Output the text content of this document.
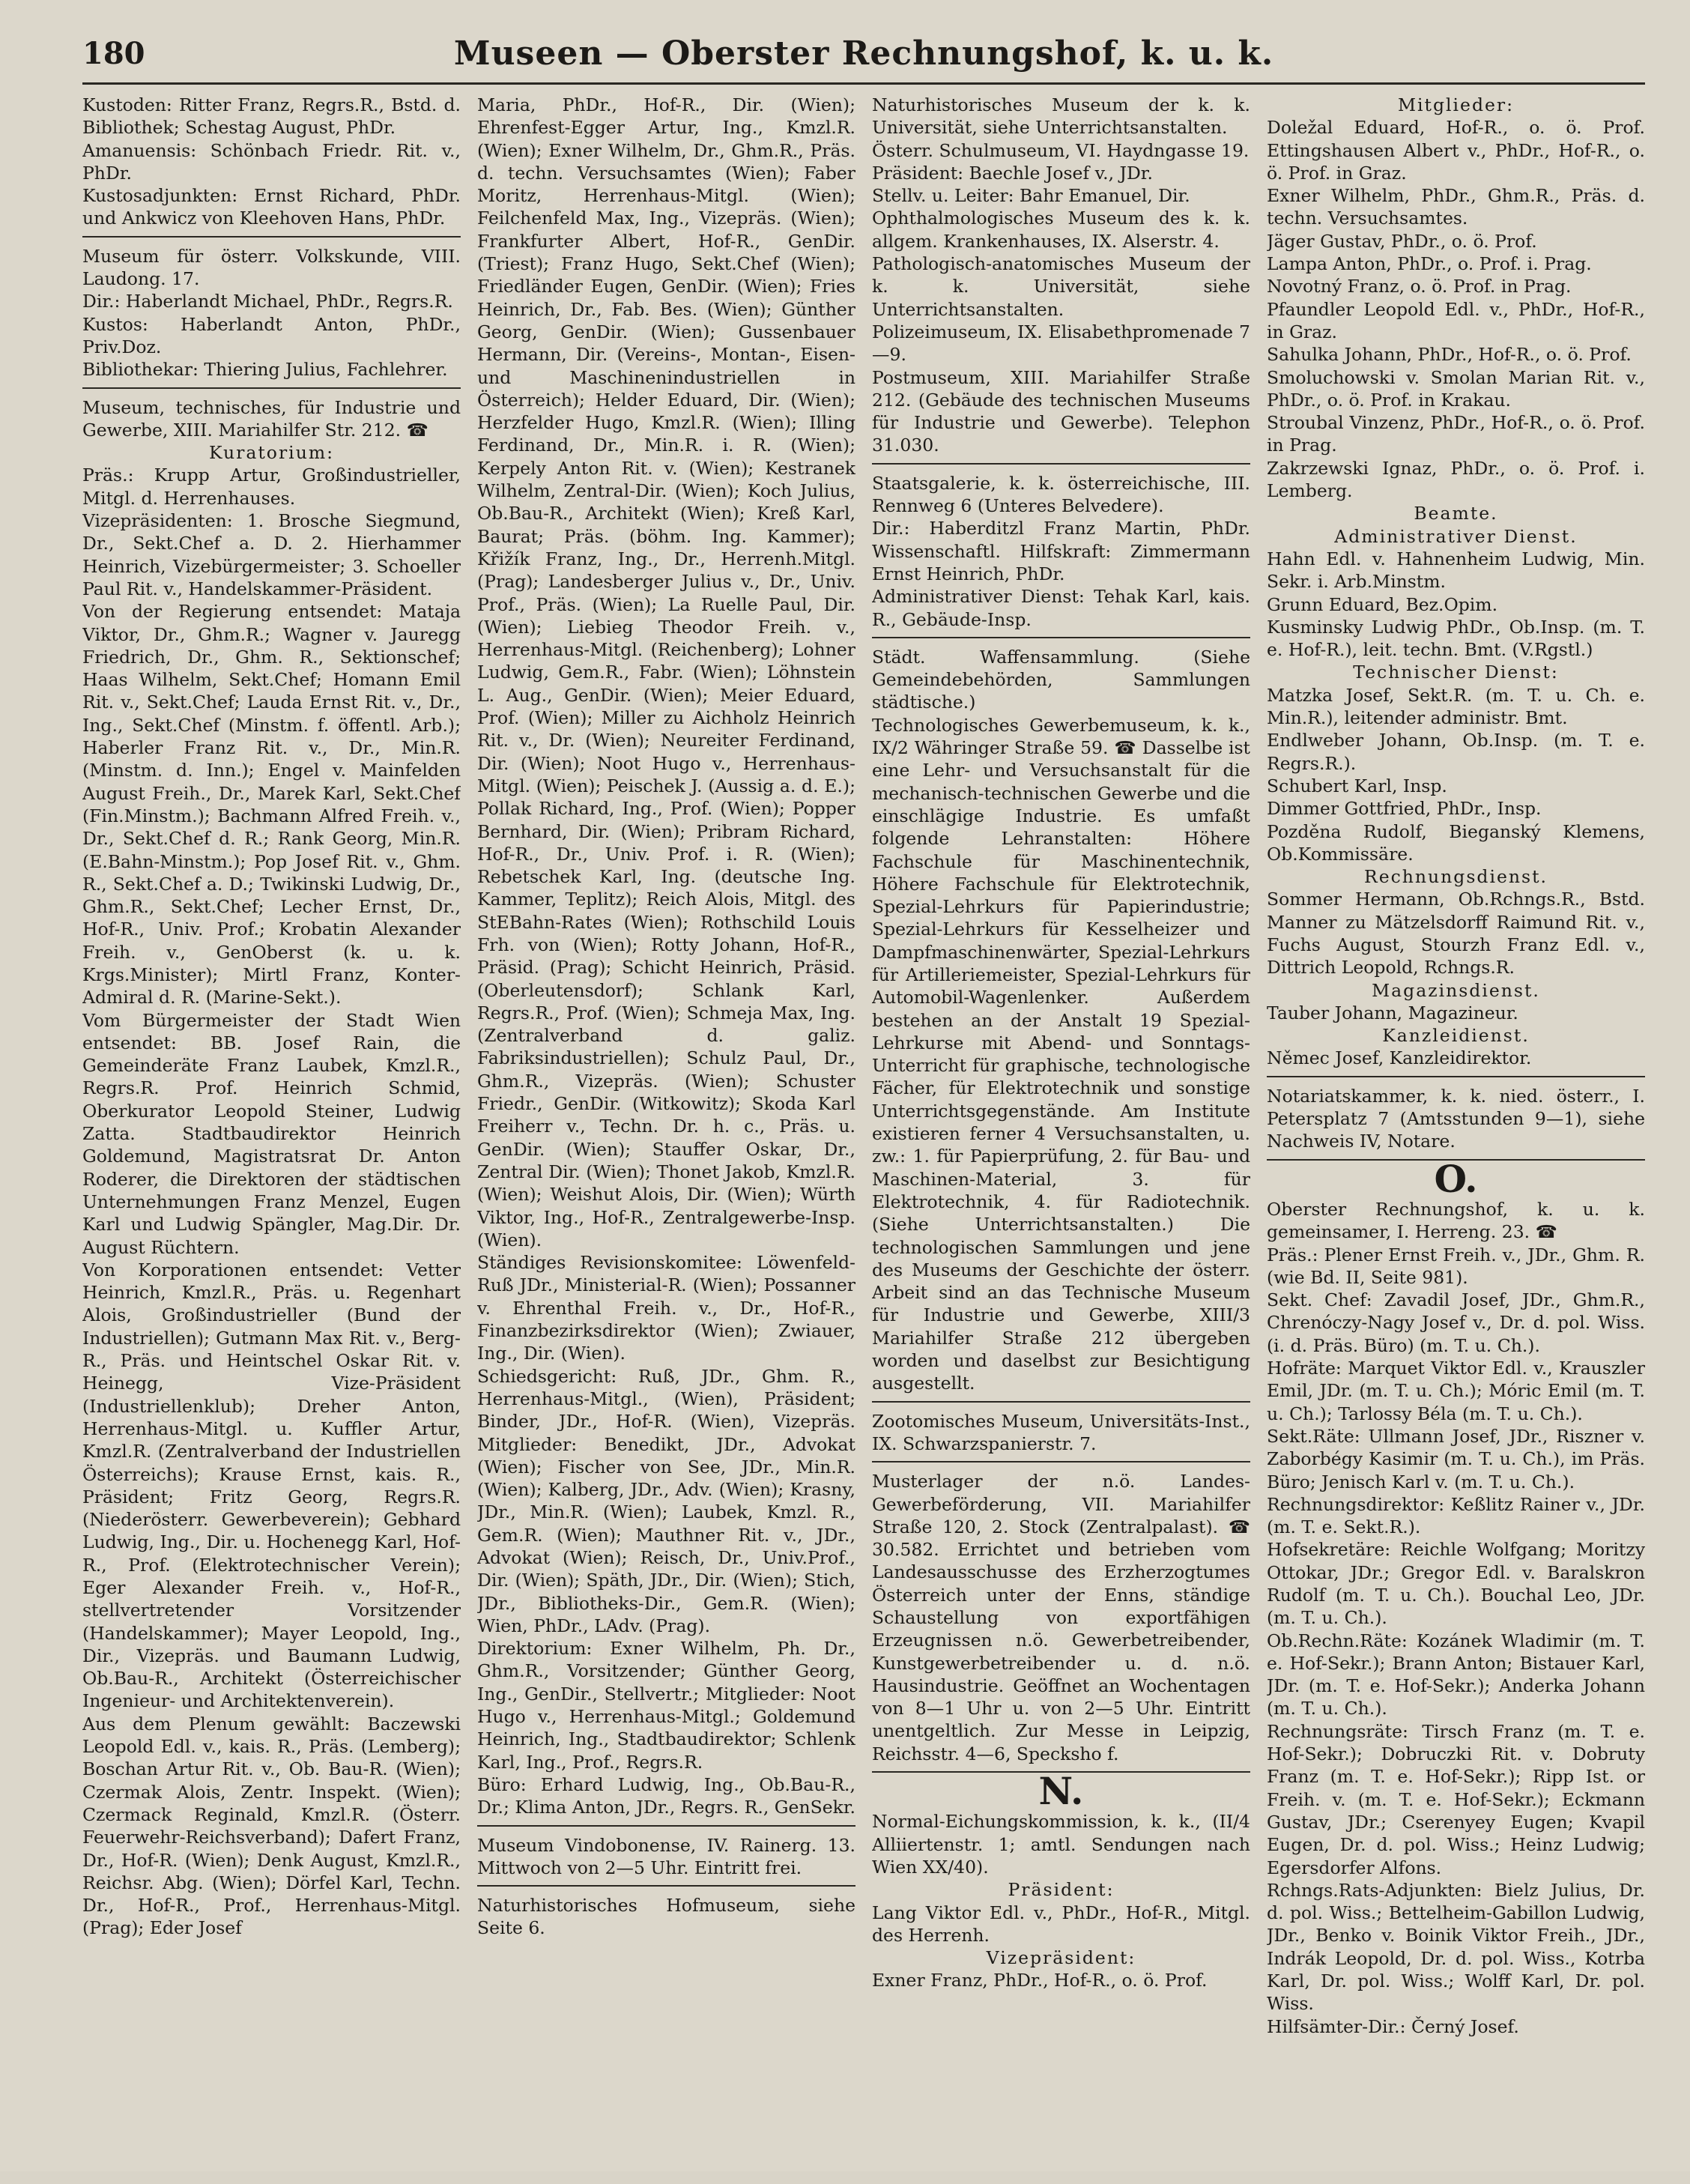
180	Museen — Oberster Rechnungshof, k. u. k.

Kustoden: Ritter Franz, Regrs.R., Bstd. d. Bibliothek; Schestag August, PhDr.

Amanuensis: Schönbach Friedr. Rit. v., PhDr.

Kustosadjunkten: Ernst Richard, PhDr. und Ankwicz von Kleehoven Hans, PhDr.

Museum für österr. Volkskunde, VIII. Laudong. 17.

Dir.: Haberlandt Michael, PhDr., Regrs.R.

Kustos: Haberlandt Anton, PhDr., Priv.Doz.

Bibliothekar: Thiering Julius, Fachlehrer.

Museum, technisches, für Industrie und Gewerbe, XIII. Mariahilfer Str. 212. ☎

Kuratorium:

Präs.: Krupp Artur, Großindustrieller, Mitgl. d. Herrenhauses.

Vizepräsidenten: 1. Brosche Siegmund, Dr., Sekt.Chef a. D. 2. Hierhammer Heinrich, Vizebürgermeister; 3. Schoeller Paul Rit. v., Handelskammer-Präsident.

Von der Regierung entsendet: Mataja Viktor, Dr., Ghm.R.; Wagner v. Jauregg Friedrich, Dr., Ghm. R., Sektionschef; Haas Wilhelm, Sekt.Chef; Homann Emil Rit. v., Sekt.Chef; Lauda Ernst Rit. v., Dr., Ing., Sekt.Chef (Minstm. f. öffentl. Arb.); Haberler Franz Rit. v., Dr., Min.R. (Minstm. d. Inn.); Engel v. Mainfelden August Freih., Dr., Marek Karl, Sekt.Chef (Fin.Minstm.); Bachmann Alfred Freih. v., Dr., Sekt.Chef d. R.; Rank Georg, Min.R. (E.Bahn-Minstm.); Pop Josef Rit. v., Ghm. R., Sekt.Chef a. D.; Twikinski Ludwig, Dr., Ghm.R., Sekt.Chef; Lecher Ernst, Dr., Hof-R., Univ. Prof.; Krobatin Alexander Freih. v., GenOberst (k. u. k. Krgs.Minister); Mirtl Franz, Konter-Admiral d. R. (Marine-Sekt.).

Vom Bürgermeister der Stadt Wien entsendet: BB. Josef Rain, die Gemeinderäte Franz Laubek, Kmzl.R., Regrs.R. Prof. Heinrich Schmid, Oberkurator Leopold Steiner, Ludwig Zatta. Stadtbaudirektor Heinrich Goldemund, Magistratsrat Dr. Anton Roderer, die Direktoren der städtischen Unternehmungen Franz Menzel, Eugen Karl und Ludwig Spängler, Mag.Dir. Dr. August Rüchtern.

Von Korporationen entsendet: Vetter Heinrich, Kmzl.R., Präs. u. Regenhart Alois, Großindustrieller (Bund der Industriellen); Gutmann Max Rit. v., Berg-R., Präs. und Heintschel Oskar Rit. v. Heinegg, Vize-Präsident (Industriellenklub); Dreher Anton, Herrenhaus-Mitgl. u. Kuffler Artur, Kmzl.R. (Zentralverband der Industriellen Österreichs); Krause Ernst, kais. R., Präsident; Fritz Georg, Regrs.R. (Niederösterr. Gewerbeverein); Gebhard Ludwig, Ing., Dir. u. Hochenegg Karl, Hof-R., Prof. (Elektrotechnischer Verein); Eger Alexander Freih. v., Hof-R., stellvertretender Vorsitzender (Handelskammer); Mayer Leopold, Ing., Dir., Vizepräs. und Baumann Ludwig, Ob.Bau-R., Architekt (Österreichischer Ingenieur- und Architektenverein).

Aus dem Plenum gewählt: Baczewski Leopold Edl. v., kais. R., Präs. (Lemberg); Boschan Artur Rit. v., Ob. Bau-R. (Wien); Czermak Alois, Zentr. Inspekt. (Wien); Czermack Reginald, Kmzl.R. (Österr. Feuerwehr-Reichsverband); Dafert Franz, Dr., Hof-R. (Wien); Denk August, Kmzl.R., Reichsr. Abg. (Wien); Dörfel Karl, Techn. Dr., Hof-R., Prof., Herrenhaus-Mitgl. (Prag); Eder Josef

Maria, PhDr., Hof-R., Dir. (Wien); Ehrenfest-Egger Artur, Ing., Kmzl.R. (Wien); Exner Wilhelm, Dr., Ghm.R., Präs. d. techn. Versuchsamtes (Wien); Faber Moritz, Herrenhaus-Mitgl. (Wien); Feilchenfeld Max, Ing., Vizepräs. (Wien); Frankfurter Albert, Hof-R., GenDir. (Triest); Franz Hugo, Sekt.Chef (Wien); Friedländer Eugen, GenDir. (Wien); Fries Heinrich, Dr., Fab. Bes. (Wien); Günther Georg, GenDir. (Wien); Gussenbauer Hermann, Dir. (Vereins-, Montan-, Eisen- und Maschinenindustriellen in Österreich); Helder Eduard, Dir. (Wien); Herzfelder Hugo, Kmzl.R. (Wien); Illing Ferdinand, Dr., Min.R. i. R. (Wien); Kerpely Anton Rit. v. (Wien); Kestranek Wilhelm, Zentral-Dir. (Wien); Koch Julius, Ob.Bau-R., Architekt (Wien); Kreß Karl, Baurat; Präs. (böhm. Ing. Kammer); Křižík Franz, Ing., Dr., Herrenh.Mitgl. (Prag); Landesberger Julius v., Dr., Univ. Prof., Präs. (Wien); La Ruelle Paul, Dir. (Wien); Liebieg Theodor Freih. v., Herrenhaus-Mitgl. (Reichenberg); Lohner Ludwig, Gem.R., Fabr. (Wien); Löhnstein L. Aug., GenDir. (Wien); Meier Eduard, Prof. (Wien); Miller zu Aichholz Heinrich Rit. v., Dr. (Wien); Neureiter Ferdinand, Dir. (Wien); Noot Hugo v., Herrenhaus-Mitgl. (Wien); Peischek J. (Aussig a. d. E.); Pollak Richard, Ing., Prof. (Wien); Popper Bernhard, Dir. (Wien); Pribram Richard, Hof-R., Dr., Univ. Prof. i. R. (Wien); Rebetschek Karl, Ing. (deutsche Ing. Kammer, Teplitz); Reich Alois, Mitgl. des StEBahn-Rates (Wien); Rothschild Louis Frh. von (Wien); Rotty Johann, Hof-R., Präsid. (Prag); Schicht Heinrich, Präsid. (Oberleutensdorf); Schlank Karl, Regrs.R., Prof. (Wien); Schmeja Max, Ing. (Zentralverband d. galiz. Fabriksindustriellen); Schulz Paul, Dr., Ghm.R., Vizepräs. (Wien); Schuster Friedr., GenDir. (Witkowitz); Skoda Karl Freiherr v., Techn. Dr. h. c., Präs. u. GenDir. (Wien); Stauffer Oskar, Dr., Zentral Dir. (Wien); Thonet Jakob, Kmzl.R. (Wien); Weishut Alois, Dir. (Wien); Würth Viktor, Ing., Hof-R., Zentralgewerbe-Insp. (Wien).

Ständiges Revisionskomitee: Löwenfeld-Ruß JDr., Ministerial-R. (Wien); Possanner v. Ehrenthal Freih. v., Dr., Hof-R., Finanzbezirksdirektor (Wien); Zwiauer, Ing., Dir. (Wien).

Schiedsgericht: Ruß, JDr., Ghm. R., Herrenhaus-Mitgl., (Wien), Präsident; Binder, JDr., Hof-R. (Wien), Vizepräs. Mitglieder: Benedikt, JDr., Advokat (Wien); Fischer von See, JDr., Min.R. (Wien); Kalberg, JDr., Adv. (Wien); Krasny, JDr., Min.R. (Wien); Laubek, Kmzl. R., Gem.R. (Wien); Mauthner Rit. v., JDr., Advokat (Wien); Reisch, Dr., Univ.Prof., Dir. (Wien); Späth, JDr., Dir. (Wien); Stich, JDr., Bibliotheks-Dir., Gem.R. (Wien); Wien, PhDr., LAdv. (Prag).

Direktorium: Exner Wilhelm, Ph. Dr., Ghm.R., Vorsitzender; Günther Georg, Ing., GenDir., Stellvertr.; Mitglieder: Noot Hugo v., Herrenhaus-Mitgl.; Goldemund Heinrich, Ing., Stadtbaudirektor; Schlenk Karl, Ing., Prof., Regrs.R.

Büro: Erhard Ludwig, Ing., Ob.Bau-R., Dr.; Klima Anton, JDr., Regrs. R., GenSekr.

Museum Vindobonense, IV. Rainerg. 13. Mittwoch von 2—5 Uhr. Eintritt frei.

Naturhistorisches Hofmuseum, siehe Seite 6.

Naturhistorisches Museum der k. k. Universität, siehe Unterrichtsanstalten.

Österr. Schulmuseum, VI. Haydngasse 19.

Präsident: Baechle Josef v., JDr.

Stellv. u. Leiter: Bahr Emanuel, Dir.

Ophthalmologisches Museum des k. k. allgem. Krankenhauses, IX. Alserstr. 4.

Pathologisch-anatomisches Museum der k. k. Universität, siehe Unterrichtsanstalten.

Polizeimuseum, IX. Elisabethpromenade 7—9.

Postmuseum, XIII. Mariahilfer Straße 212. (Gebäude des technischen Museums für Industrie und Gewerbe). Telephon 31.030.

Staatsgalerie, k. k. österreichische, III. Rennweg 6 (Unteres Belvedere).

Dir.: Haberditzl Franz Martin, PhDr. Wissenschaftl. Hilfskraft: Zimmermann Ernst Heinrich, PhDr.

Administrativer Dienst: Tehak Karl, kais. R., Gebäude-Insp.

Städt. Waffensammlung. (Siehe Gemeindebehörden, Sammlungen städtische.)

Technologisches Gewerbemuseum, k. k., IX/2 Währinger Straße 59. ☎ Dasselbe ist eine Lehr- und Versuchsanstalt für die mechanisch-technischen Gewerbe und die einschlägige Industrie. Es umfaßt folgende Lehranstalten: Höhere Fachschule für Maschinentechnik, Höhere Fachschule für Elektrotechnik, Spezial-Lehrkurs für Papierindustrie; Spezial-Lehrkurs für Kesselheizer und Dampfmaschinenwärter, Spezial-Lehrkurs für Artilleriemeister, Spezial-Lehrkurs für Automobil-Wagenlenker. Außerdem bestehen an der Anstalt 19 Spezial-Lehrkurse mit Abend- und Sonntags-Unterricht für graphische, technologische Fächer, für Elektrotechnik und sonstige Unterrichtsgegenstände. Am Institute existieren ferner 4 Versuchsanstalten, u. zw.: 1. für Papierprüfung, 2. für Bau- und Maschinen-Material, 3. für Elektrotechnik, 4. für Radiotechnik. (Siehe Unterrichtsanstalten.) Die technologischen Sammlungen und jene des Museums der Geschichte der österr. Arbeit sind an das Technische Museum für Industrie und Gewerbe, XIII/3 Mariahilfer Straße 212 übergeben worden und daselbst zur Besichtigung ausgestellt.

Zootomisches Museum, Universitäts-Inst., IX. Schwarzspanierstr. 7.

Musterlager der n.ö. Landes-Gewerbeförderung, VII. Mariahilfer Straße 120, 2. Stock (Zentralpalast). ☎ 30.582. Errichtet und betrieben vom Landesausschusse des Erzherzogtumes Österreich unter der Enns, ständige Schaustellung von exportfähigen Erzeugnissen n.ö. Gewerbetreibender, Kunstgewerbetreibender u. d. n.ö. Hausindustrie. Geöffnet an Wochentagen von 8—1 Uhr u. von 2—5 Uhr. Eintritt unentgeltlich. Zur Messe in Leipzig, Reichsstr. 4—6, Specksho f.

N.

Normal-Eichungskommission, k. k., (II/4 Alliiertenstr. 1; amtl. Sendungen nach Wien XX/40).

Präsident:

Lang Viktor Edl. v., PhDr., Hof-R., Mitgl. des Herrenh.

Vizepräsident:

Exner Franz, PhDr., Hof-R., o. ö. Prof.

Mitglieder:

Doležal Eduard, Hof-R., o. ö. Prof. Ettingshausen Albert v., PhDr., Hof-R., o. ö. Prof. in Graz.

Exner Wilhelm, PhDr., Ghm.R., Präs. d. techn. Versuchsamtes.

Jäger Gustav, PhDr., o. ö. Prof.

Lampa Anton, PhDr., o. Prof. i. Prag.

Novotný Franz, o. ö. Prof. in Prag.

Pfaundler Leopold Edl. v., PhDr., Hof-R., in Graz.

Sahulka Johann, PhDr., Hof-R., o. ö. Prof.

Smoluchowski v. Smolan Marian Rit. v., PhDr., o. ö. Prof. in Krakau.

Stroubal Vinzenz, PhDr., Hof-R., o. ö. Prof. in Prag.

Zakrzewski Ignaz, PhDr., o. ö. Prof. i. Lemberg.

Beamte.

Administrativer Dienst.

Hahn Edl. v. Hahnenheim Ludwig, Min. Sekr. i. Arb.Minstm.

Grunn Eduard, Bez.Opim.

Kusminsky Ludwig PhDr., Ob.Insp. (m. T. e. Hof-R.), leit. techn. Bmt. (V.Rgstl.)

Technischer Dienst:

Matzka Josef, Sekt.R. (m. T. u. Ch. e. Min.R.), leitender administr. Bmt.

Endlweber Johann, Ob.Insp. (m. T. e. Regrs.R.).

Schubert Karl, Insp.

Dimmer Gottfried, PhDr., Insp.

Pozděna Rudolf, Bieganský Klemens, Ob.Kommissäre.

Rechnungsdienst.

Sommer Hermann, Ob.Rchngs.R., Bstd. Manner zu Mätzelsdorff Raimund Rit. v., Fuchs August, Stourzh Franz Edl. v., Dittrich Leopold, Rchngs.R.

Magazinsdienst.

Tauber Johann, Magazineur.

Kanzleidienst.

Němec Josef, Kanzleidirektor.

Notariatskammer, k. k. nied. österr., I. Petersplatz 7 (Amtsstunden 9—1), siehe Nachweis IV, Notare.

O.

Oberster Rechnungshof, k. u. k. gemeinsamer, I. Herreng. 23. ☎

Präs.: Plener Ernst Freih. v., JDr., Ghm. R. (wie Bd. II, Seite 981).

Sekt. Chef: Zavadil Josef, JDr., Ghm.R., Chrenóczy-Nagy Josef v., Dr. d. pol. Wiss. (i. d. Präs. Büro) (m. T. u. Ch.).

Hofräte: Marquet Viktor Edl. v., Krauszler Emil, JDr. (m. T. u. Ch.); Móric Emil (m. T. u. Ch.); Tarlossy Béla (m. T. u. Ch.).

Sekt.Räte: Ullmann Josef, JDr., Riszner v. Zaborbégy Kasimir (m. T. u. Ch.), im Präs. Büro; Jenisch Karl v. (m. T. u. Ch.).

Rechnungsdirektor: Keßlitz Rainer v., JDr. (m. T. e. Sekt.R.).

Hofsekretäre: Reichle Wolfgang; Moritzy Ottokar, JDr.; Gregor Edl. v. Baralskron Rudolf (m. T. u. Ch.). Bouchal Leo, JDr. (m. T. u. Ch.).

Ob.Rechn.Räte: Kozánek Wladimir (m. T. e. Hof-Sekr.); Brann Anton; Bistauer Karl, JDr. (m. T. e. Hof-Sekr.); Anderka Johann (m. T. u. Ch.).

Rechnungsräte: Tirsch Franz (m. T. e. Hof-Sekr.); Dobruczki Rit. v. Dobruty Franz (m. T. e. Hof-Sekr.); Ripp Ist. or Freih. v. (m. T. e. Hof-Sekr.); Eckmann Gustav, JDr.; Cserenyey Eugen; Kvapil Eugen, Dr. d. pol. Wiss.; Heinz Ludwig; Egersdorfer Alfons.

Rchngs.Rats-Adjunkten: Bielz Julius, Dr. d. pol. Wiss.; Bettelheim-Gabillon Ludwig, JDr., Benko v. Boinik Viktor Freih., JDr., Indrák Leopold, Dr. d. pol. Wiss., Kotrba Karl, Dr. pol. Wiss.; Wolff Karl, Dr. pol. Wiss.

Hilfsämter-Dir.: Černý Josef.
